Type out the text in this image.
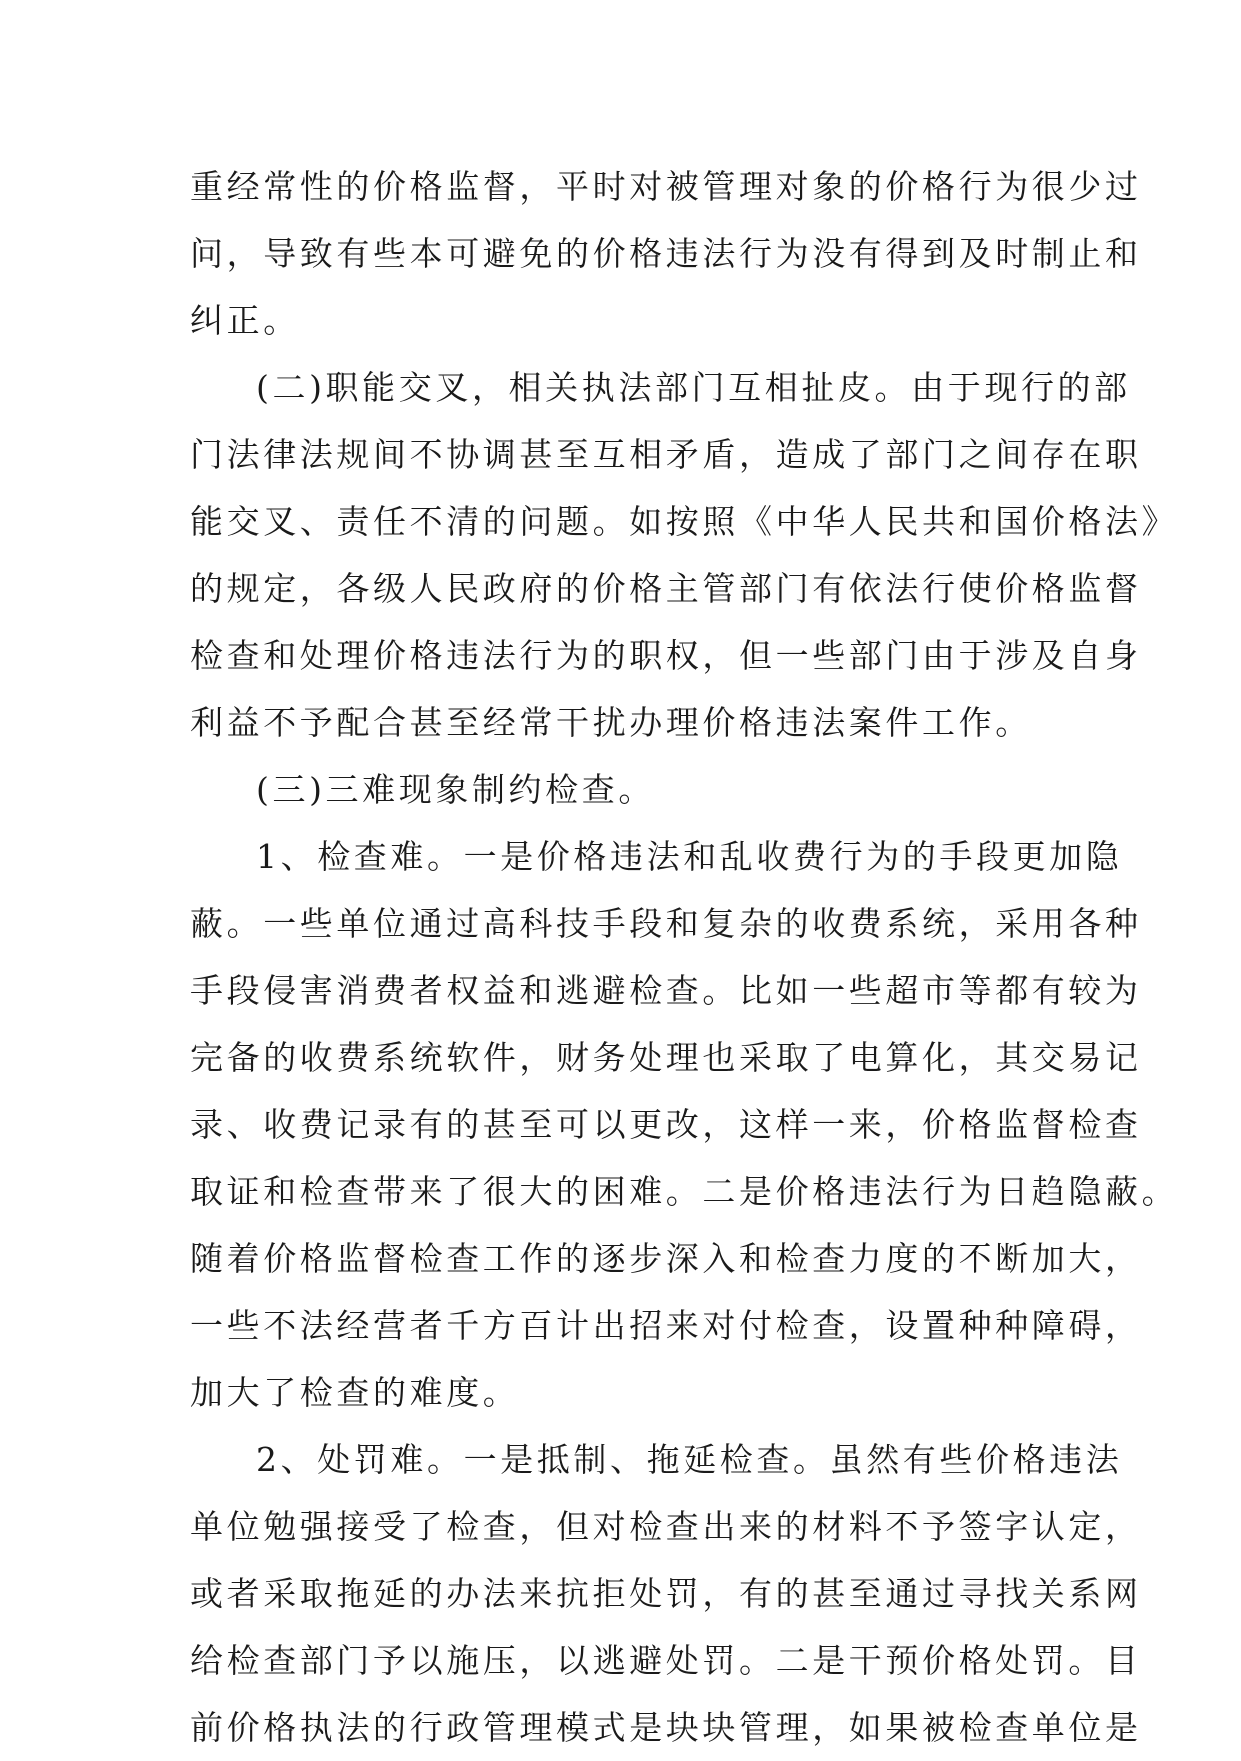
重经常性的价格监督，平时对被管理对象的价格行为很少过
问，导致有些本可避免的价格违法行为没有得到及时制止和
纠正。
(二)职能交叉，相关执法部门互相扯皮。由于现行的部
门法律法规间不协调甚至互相矛盾，造成了部门之间存在职
能交叉、责任不清的问题。如按照《中华人民共和国价格法》
的规定，各级人民政府的价格主管部门有依法行使价格监督
检查和处理价格违法行为的职权，但一些部门由于涉及自身
利益不予配合甚至经常干扰办理价格违法案件工作。
(三)三难现象制约检查。
1、检查难。一是价格违法和乱收费行为的手段更加隐
蔽。一些单位通过高科技手段和复杂的收费系统，采用各种
手段侵害消费者权益和逃避检查。比如一些超市等都有较为
完备的收费系统软件，财务处理也采取了电算化，其交易记
录、收费记录有的甚至可以更改，这样一来，价格监督检查
取证和检查带来了很大的困难。二是价格违法行为日趋隐蔽。
随着价格监督检查工作的逐步深入和检查力度的不断加大，
一些不法经营者千方百计出招来对付检查，设置种种障碍，
加大了检查的难度。
2、处罚难。一是抵制、拖延检查。虽然有些价格违法
单位勉强接受了检查，但对检查出来的材料不予签字认定，
或者采取拖延的办法来抗拒处罚，有的甚至通过寻找关系网
给检查部门予以施压，以逃避处罚。二是干预价格处罚。目
前价格执法的行政管理模式是块块管理，如果被检查单位是
